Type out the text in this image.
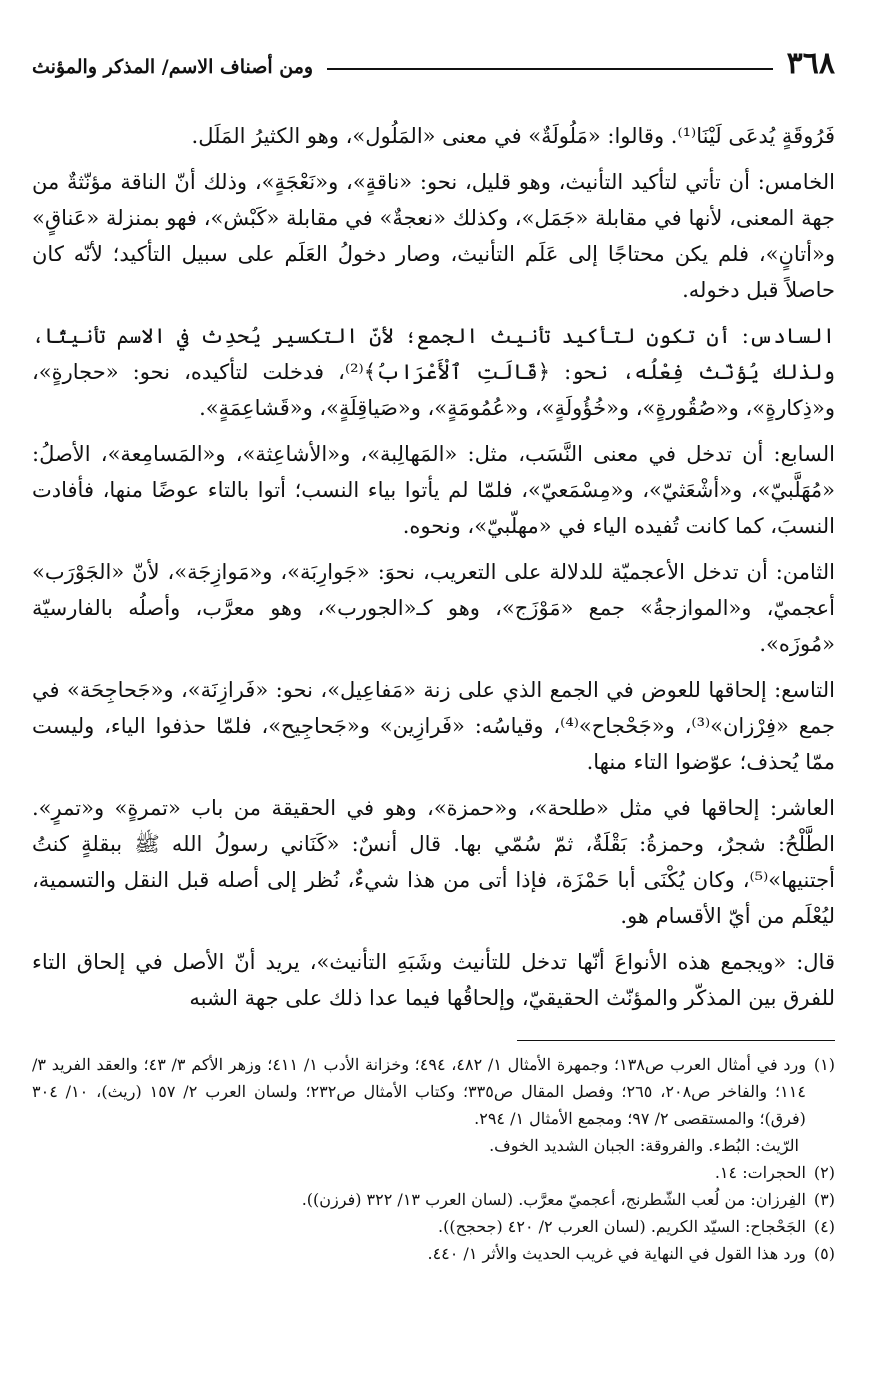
٣٦٨
ومن أصناف الاسم/ المذكر والمؤنث

فَرُوقَةٍ يُدعَى لَيْنَا⁽¹⁾. وقالوا: «مَلُولَةٌ» في معنى «المَلُول»، وهو الكثيرُ المَلَل.

الخامس: أن تأتي لتأكيد التأنيث، وهو قليل، نحو: «ناقةٍ»، و«نَعْجَةٍ»، وذلك أنّ الناقة مؤنّثةٌ من جهة المعنى، لأنها في مقابلة «جَمَل»، وكذلك «نعجةٌ» في مقابلة «كَبْش»، فهو بمنزلة «عَناقٍ» و«أتانٍ»، فلم يكن محتاجًا إلى عَلَم التأنيث، وصار دخولُ العَلَم على سبيل التأكيد؛ لأنّه كان حاصلاً قبل دخوله.

السادس: أن تكون لتأكيد تأنيث الجمع؛ لأنّ التكسير يُحدِث في الاسم تأنيثًا، ولذلك يُؤنّث فِعْلُه، نحو: ﴿قَالَتِ ٱلْأَعْرَابُ﴾⁽²⁾، فدخلت لتأكيده، نحو: «حجارةٍ»، و«ذِكارةٍ»، و«صُقُورةٍ»، و«خُؤُولَةٍ»، و«عُمُومَةٍ»، و«صَياقِلَةٍ»، و«قَشاعِمَةٍ».

السابع: أن تدخل في معنى النَّسَب، مثل: «المَهالِبة»، و«الأشاعِثة»، و«المَسامِعة»، الأصلُ: «مُهَلَّبيّ»، و«أشْعَثيّ»، و«مِسْمَعيّ»، فلمّا لم يأتوا بياء النسب؛ أتوا بالتاء عوضًا منها، فأفادت النسبَ، كما كانت تُفيده الياء في «مهلّبيّ»، ونحوه.

الثامن: أن تدخل الأعجميّة للدلالة على التعريب، نحوَ: «جَوارِبَة»، و«مَوازِجَة»، لأنّ «الجَوْرَب» أعجميّ، و«الموازجةُ» جمع «مَوْزَج»، وهو كـ«الجورب»، وهو معرَّب، وأصلُه بالفارسيّة «مُوزَه».

التاسع: إلحاقها للعوض في الجمع الذي على زنة «مَفاعِيل»، نحو: «فَرازِنَة»، و«جَحاجِحَة» في جمع «فِرْزان»⁽³⁾، و«جَحْجاح»⁽⁴⁾، وقياسُه: «فَرازِين» و«جَحاجِيح»، فلمّا حذفوا الياء، وليست ممّا يُحذف؛ عوّضوا التاء منها.

العاشر: إلحاقها في مثل «طلحة»، و«حمزة»، وهو في الحقيقة من باب «تمرةٍ» و«تمرٍ». الطَّلْحُ: شجرٌ، وحمزةُ: بَقْلَةٌ، ثمّ سُمّي بها. قال أنسٌ: «كَنَاني رسولُ الله ﷺ ببقلةٍ كنتُ أجتنيها»⁽⁵⁾، وكان يُكْنَى أبا حَمْزَة، فإذا أتى من هذا شيءٌ، نُظر إلى أصله قبل النقل والتسمية، ليُعْلَم من أيّ الأقسام هو.

قال: «ويجمع هذه الأنواعَ أنّها تدخل للتأنيث وشَبَهِ التأنيث»، يريد أنّ الأصل في إلحاق التاء للفرق بين المذكّر والمؤنّث الحقيقيّ، وإلحاقُها فيما عدا ذلك على جهة الشبه

(١)
ورد في أمثال العرب ص١٣٨؛ وجمهرة الأمثال ١/ ٤٨٢، ٤٩٤؛ وخزانة الأدب ١/ ٤١١؛ وزهر الأكم ٣/ ٤٣؛ والعقد الفريد ٣/ ١١٤؛ والفاخر ص٢٠٨، ٢٦٥؛ وفصل المقال ص٣٣٥؛ وكتاب الأمثال ص٢٣٢؛ ولسان العرب ٢/ ١٥٧ (ريث)، ١٠/ ٣٠٤ (فرق)؛ والمستقصى ٢/ ٩٧؛ ومجمع الأمثال ١/ ٢٩٤.
الرّيث: البُطء. والفروقة: الجبان الشديد الخوف.
(٢)
الحجرات: ١٤.
(٣)
الفِرزان: من لُعب الشّطرنج، أعجميّ معرَّب. (لسان العرب ١٣/ ٣٢٢ (فرزن)).
(٤)
الجَحْجاح: السيّد الكريم. (لسان العرب ٢/ ٤٢٠ (جحجح)).
(٥)
ورد هذا القول في النهاية في غريب الحديث والأثر ١/ ٤٤٠.
